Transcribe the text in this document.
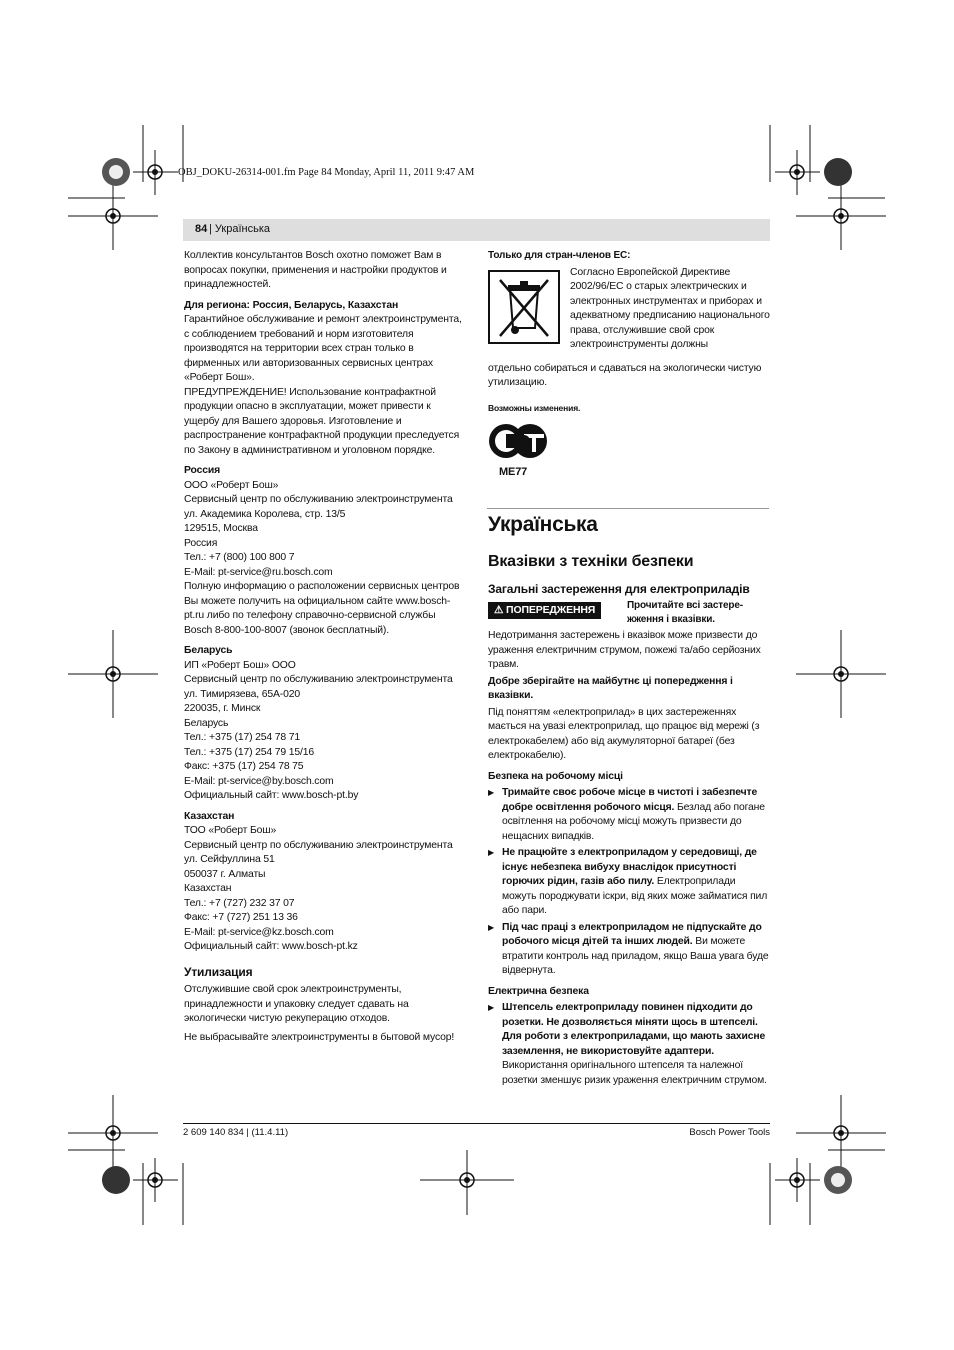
OBJ_DOKU-26314-001.fm Page 84 Monday, April 11, 2011 9:47 AM
84 | Українська

Коллектив консультантов Bosch охотно поможет Вам в вопросах покупки, применения и настройки продуктов и принадлежностей.

Для региона: Россия, Беларусь, Казахстан

Гарантийное обслуживание и ремонт электроинструмента, с соблюдением требований и норм изготовителя производятся на территории всех стран только в фирменных или авторизованных сервисных центрах «Роберт Бош».

ПРЕДУПРЕЖДЕНИЕ! Использование контрафактной продукции опасно в эксплуатации, может привести к ущербу для Вашего здоровья. Изготовление и распространение контрафактной продукции преследуется по Закону в административном и уголовном порядке.

Россия

ООО «Роберт Бош»

Сервисный центр по обслуживанию электроинструмента

ул. Академика Королева, стр. 13/5

129515, Москва

Россия

Тел.: +7 (800) 100 800 7

E-Mail: pt-service@ru.bosch.com

Полную информацию о расположении сервисных центров Вы можете получить на официальном сайте www.bosch-pt.ru либо по телефону справочно-сервисной службы Bosch 8-800-100-8007 (звонок бесплатный).

Беларусь

ИП «Роберт Бош» ООО

Сервисный центр по обслуживанию электроинструмента

ул. Тимирязева, 65А-020

220035, г. Минск

Беларусь

Тел.: +375 (17) 254 78 71

Тел.: +375 (17) 254 79 15/16

Факс: +375 (17) 254 78 75

E-Mail: pt-service@by.bosch.com

Официальный сайт: www.bosch-pt.by

Казахстан

ТОО «Роберт Бош»

Сервисный центр по обслуживанию электроинструмента

ул. Сейфуллина 51

050037 г. Алматы

Казахстан

Тел.: +7 (727) 232 37 07

Факс: +7 (727) 251 13 36

E-Mail: pt-service@kz.bosch.com

Официальный сайт: www.bosch-pt.kz

Утилизация

Отслужившие свой срок электроинструменты, принадлежности и упаковку следует сдавать на экологически чистую рекуперацию отходов.

Не выбрасывайте электроинструменты в бытовой мусор!

Только для стран-членов ЕС:

Согласно Европейской Директиве 2002/96/ЕС о старых электрических и электронных инструментах и приборах и адекватному предписанию национального права, отслужившие свой срок электроинструменты должны

отдельно собираться и сдаваться на экологически чистую утилизацию.

Возможны изменения.

ME77

Українська

Вказівки з техніки безпеки

Загальні застереження для електроприладів

⚠ ПОПЕРЕДЖЕННЯ	Прочитайте всі застере-жження і вказівки.

Недотримання застережень і вказівок може призвести до ураження електричним струмом, пожежі та/або серйозних травм.

Добре зберігайте на майбутнє ці попередження і вказівки.

Під поняттям «електроприлад» в цих застереженнях мається на увазі електроприлад, що працює від мережі (з електрокабелем) або від акумуляторної батареї (без електрокабелю).

Безпека на робочому місці

▶ Тримайте своє робоче місце в чистоті і забезпечте добре освітлення робочого місця. Безлад або погане освітлення на робочому місці можуть призвести до нещасних випадків.

▶ Не працюйте з електроприладом у середовищі, де існує небезпека вибуху внаслідок присутності горючих рідин, газів або пилу. Електроприлади можуть породжувати іскри, від яких може займатися пил або пари.

▶ Під час праці з електроприладом не підпускайте до робочого місця дітей та інших людей. Ви можете втратити контроль над приладом, якщо Ваша увага буде відвернута.

Електрична безпека

▶ Штепсель електроприладу повинен підходити до розетки. Не дозволяється міняти щось в штепселі. Для роботи з електроприладами, що мають захисне заземлення, не використовуйте адаптери. Використання оригінального штепселя та належної розетки зменшує ризик ураження електричним струмом.

2 609 140 834 | (11.4.11)	Bosch Power Tools
